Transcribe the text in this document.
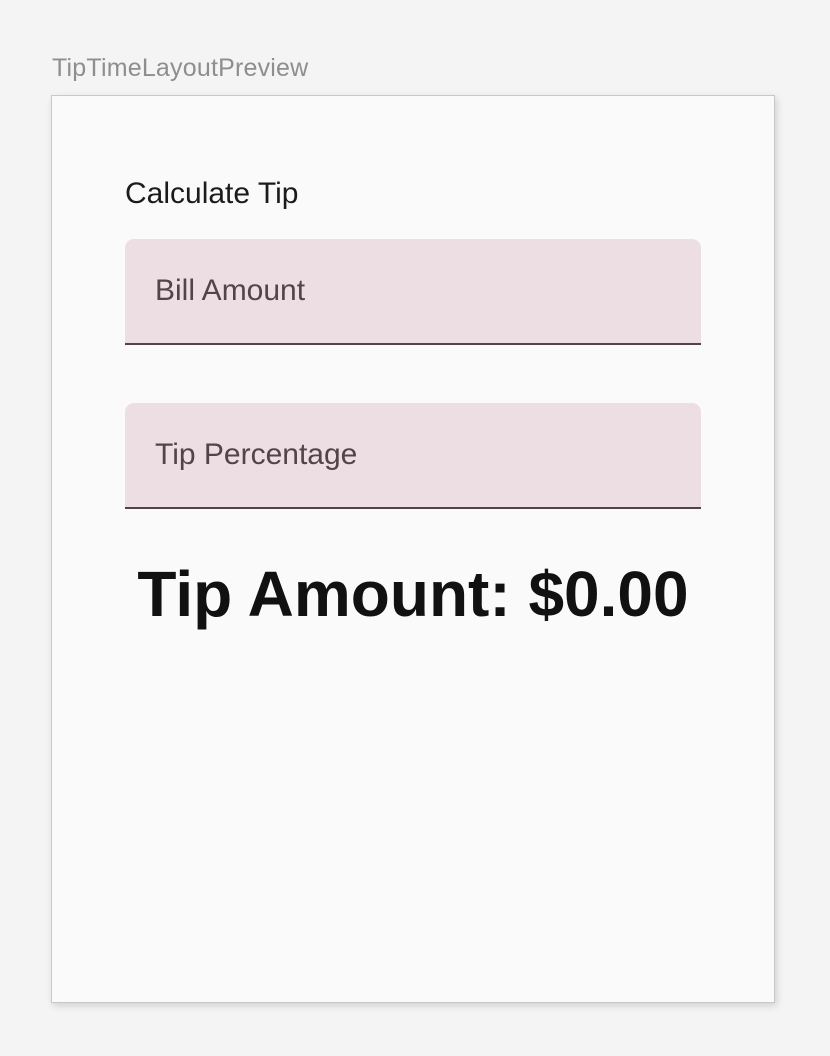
TipTimeLayoutPreview
Calculate Tip
Bill Amount
Tip Percentage
Tip Amount: $0.00
